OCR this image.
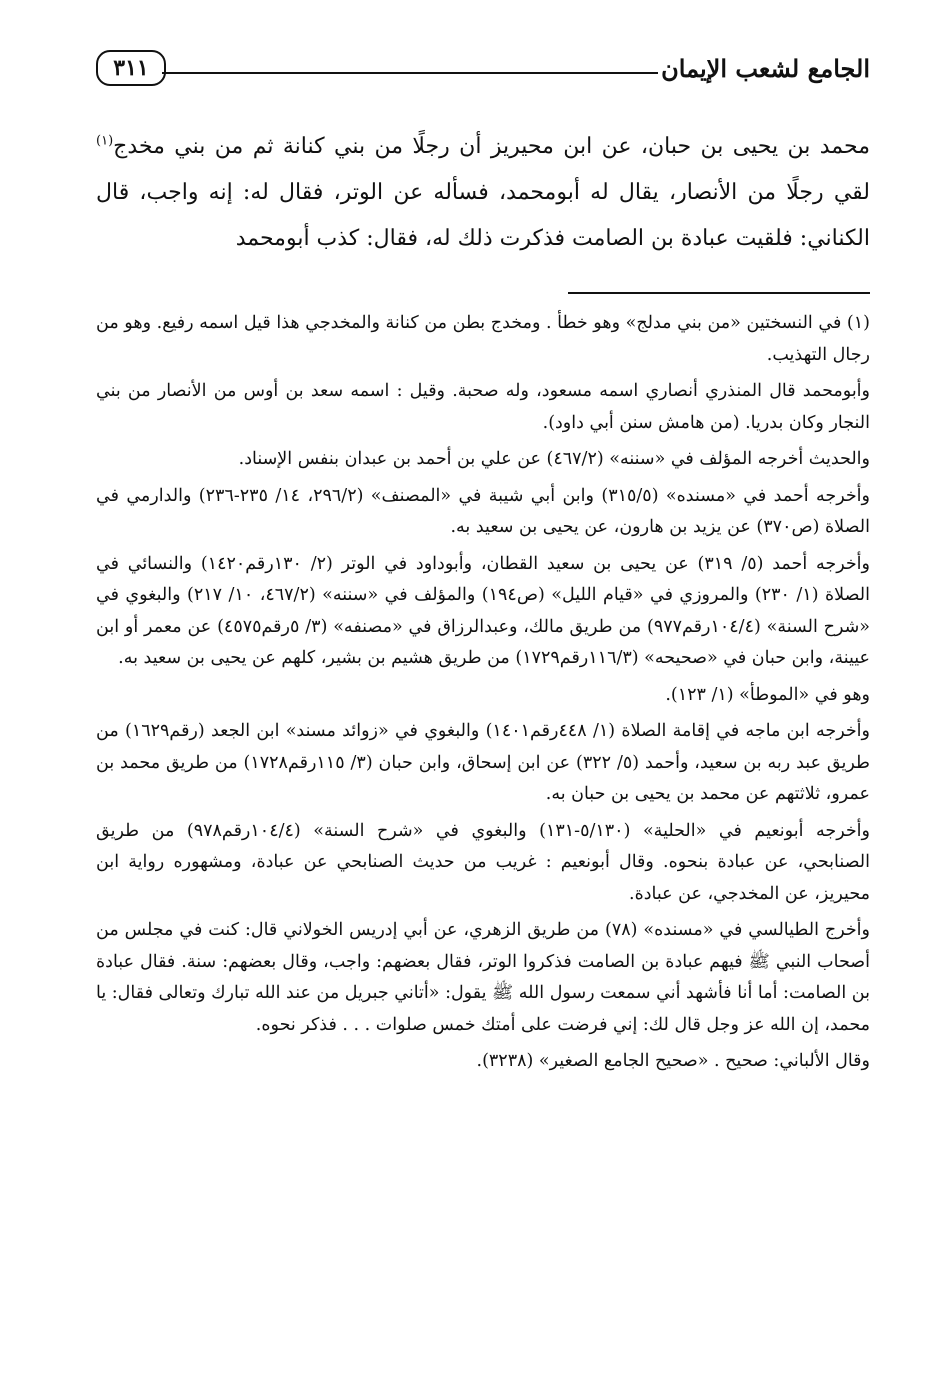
الجامع لشعب الإيمان
٣١١

محمد بن يحيى بن حبان، عن ابن محيريز أن رجلًا من بني كنانة ثم من بني مخدج$^{(١)}$ لقي رجلًا من الأنصار، يقال له أبومحمد، فسأله عن الوتر، فقال له: إنه واجب، قال الكناني: فلقيت عبادة بن الصامت فذكرت ذلك له، فقال: كذب أبومحمد

(١) في النسختين «من بني مدلج» وهو خطأ . ومخدج بطن من كنانة والمخدجي هذا قيل اسمه رفيع. وهو من رجال التهذيب.

وأبومحمد قال المنذري أنصاري اسمه مسعود، وله صحبة. وقيل : اسمه سعد بن أوس من الأنصار من بني النجار وكان بدريا. (من هامش سنن أبي داود).

والحديث أخرجه المؤلف في «سننه» (٤٦٧/٢) عن علي بن أحمد بن عبدان بنفس الإسناد.

وأخرجه أحمد في «مسنده» (٣١٥/٥) وابن أبي شيبة في «المصنف» (٢٩٦/٢، ١٤/ ٢٣٥-٢٣٦) والدارمي في الصلاة (ص٣٧٠) عن يزيد بن هارون، عن يحيى بن سعيد به.

وأخرجه أحمد (٥/ ٣١٩) عن يحيى بن سعيد القطان، وأبوداود في الوتر (٢/ ١٣٠رقم١٤٢٠) والنسائي في الصلاة (١/ ٢٣٠) والمروزي في «قيام الليل» (ص١٩٤) والمؤلف في «سننه» (٤٦٧/٢، ١٠/ ٢١٧) والبغوي في «شرح السنة» (١٠٤/٤رقم٩٧٧) من طريق مالك، وعبدالرزاق في «مصنفه» (٣/ ٥رقم٤٥٧٥) عن معمر أو ابن عيينة، وابن حبان في «صحيحه» (١١٦/٣رقم١٧٢٩) من طريق هشيم بن بشير، كلهم عن يحيى بن سعيد به.

وهو في «الموطأ» (١/ ١٢٣).

وأخرجه ابن ماجه في إقامة الصلاة (١/ ٤٤٨رقم١٤٠١) والبغوي في «زوائد مسند» ابن الجعد (رقم١٦٢٩) من طريق عبد ربه بن سعيد، وأحمد (٥/ ٣٢٢) عن ابن إسحاق، وابن حبان (٣/ ١١٥رقم١٧٢٨) من طريق محمد بن عمرو، ثلاثتهم عن محمد بن يحيى بن حبان به.

وأخرجه أبونعيم في «الحلية» (٥/١٣٠-١٣١) والبغوي في «شرح السنة» (١٠٤/٤رقم٩٧٨) من طريق الصنابحي، عن عبادة بنحوه. وقال أبونعيم : غريب من حديث الصنابحي عن عبادة، ومشهوره رواية ابن محيريز، عن المخدجي، عن عبادة.

وأخرج الطيالسي في «مسنده» (٧٨) من طريق الزهري، عن أبي إدريس الخولاني قال: كنت في مجلس من أصحاب النبي ﷺ فيهم عبادة بن الصامت فذكروا الوتر، فقال بعضهم: واجب، وقال بعضهم: سنة. فقال عبادة بن الصامت: أما أنا فأشهد أني سمعت رسول الله ﷺ يقول: «أتاني جبريل من عند الله تبارك وتعالى فقال: يا محمد، إن الله عز وجل قال لك: إني فرضت على أمتك خمس صلوات . . . فذكر نحوه.

وقال الألباني: صحيح . «صحيح الجامع الصغير» (٣٢٣٨).
